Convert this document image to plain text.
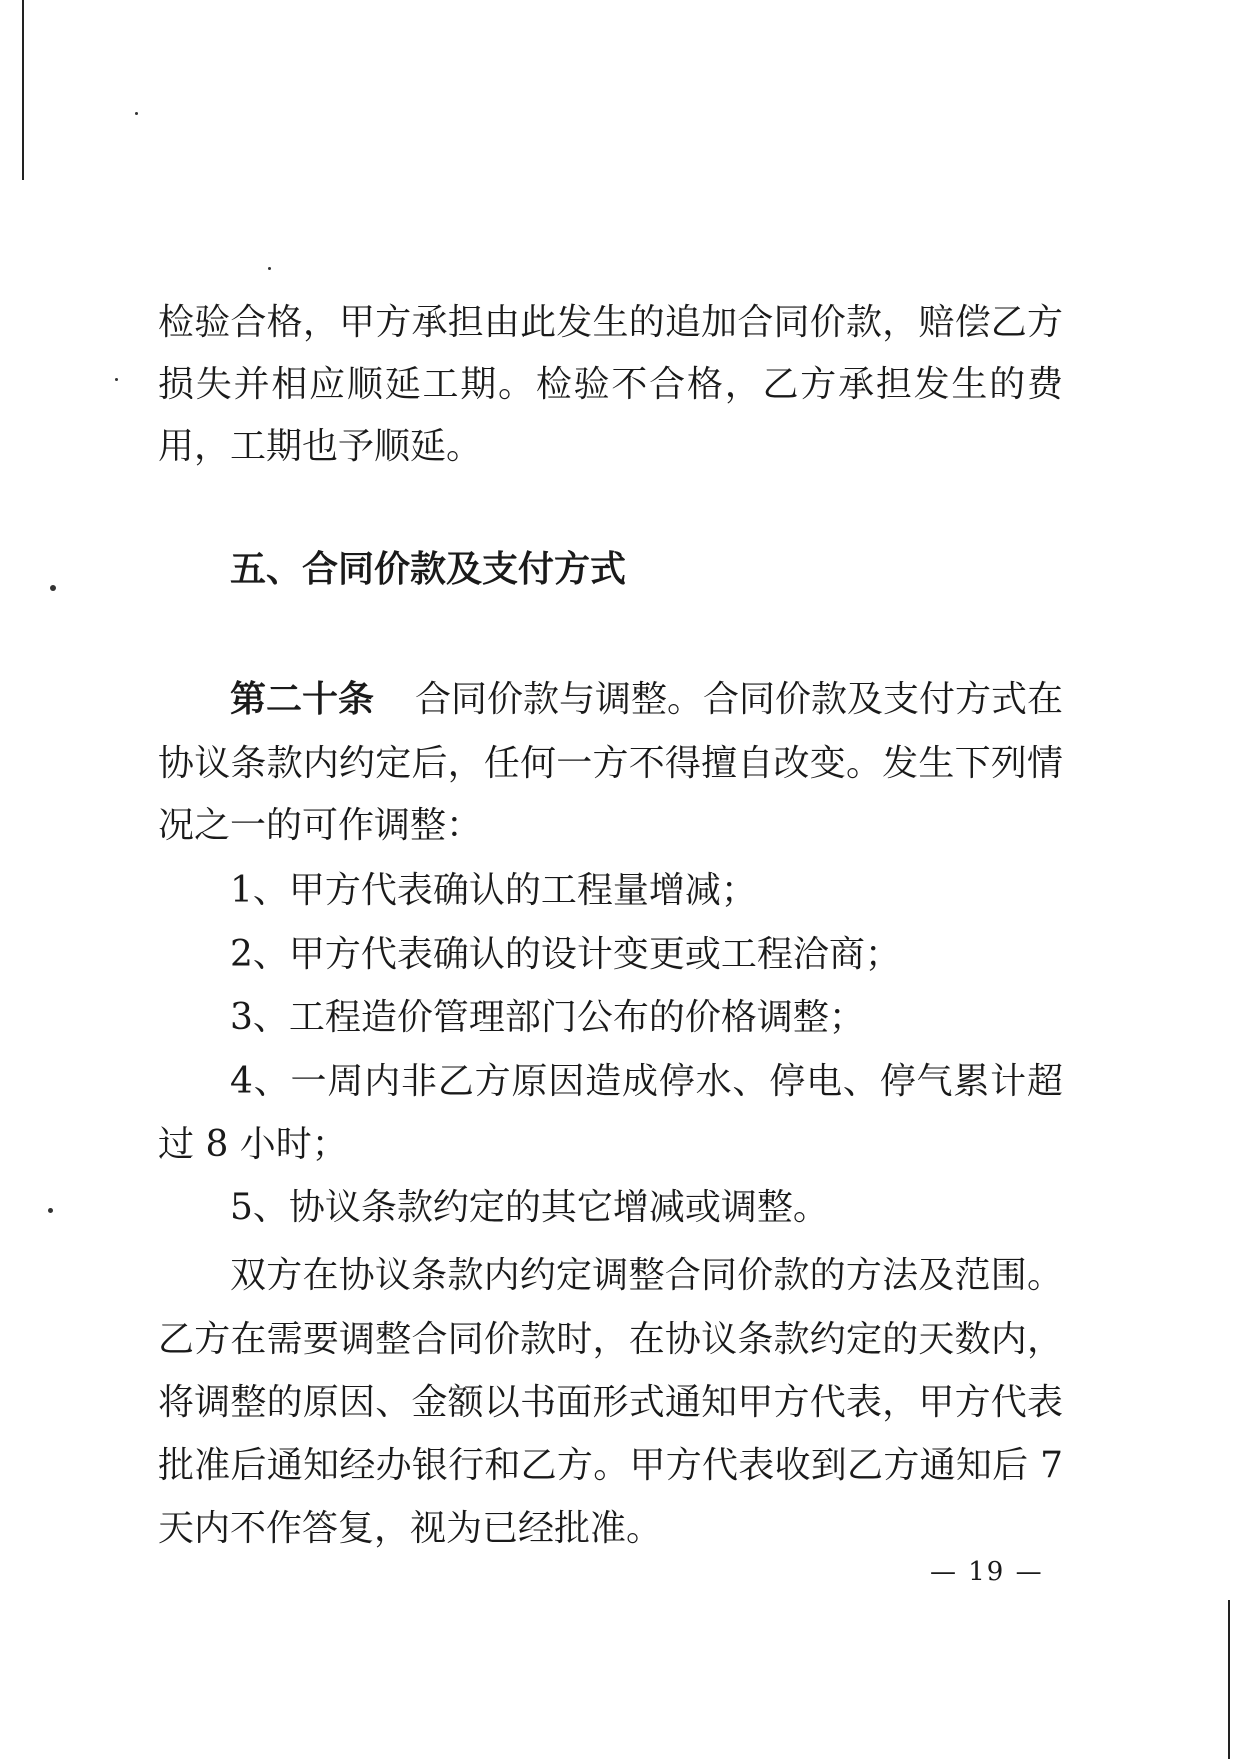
检验合格，甲方承担由此发生的追加合同价款，赔偿乙方

损失并相应顺延工期。检验不合格，乙方承担发生的费

用，工期也予顺延。

五、合同价款及支付方式

第二十条 合同价款与调整。合同价款及支付方式在

协议条款内约定后，任何一方不得擅自改变。发生下列情

况之一的可作调整：

1、甲方代表确认的工程量增减；

2、甲方代表确认的设计变更或工程洽商；

3、工程造价管理部门公布的价格调整；

4、一周内非乙方原因造成停水、停电、停气累计超

过 8 小时；

5、协议条款约定的其它增减或调整。

双方在协议条款内约定调整合同价款的方法及范围。

乙方在需要调整合同价款时，在协议条款约定的天数内，

将调整的原因、金额以书面形式通知甲方代表，甲方代表

批准后通知经办银行和乙方。甲方代表收到乙方通知后 7

天内不作答复，视为已经批准。

— 19 —
